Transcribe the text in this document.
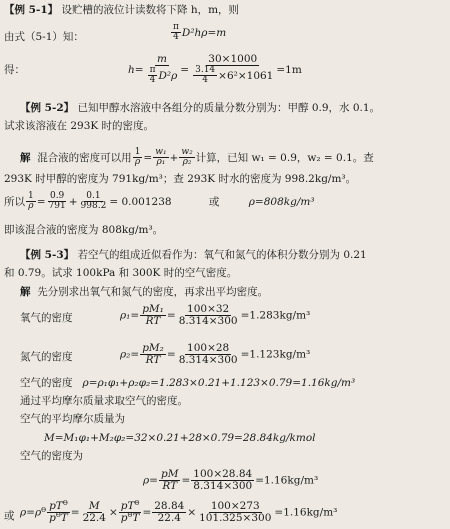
【例 5-1】 设贮槽的液位计读数将下降 h，m，则
由式（5-1）知：	$\frac{\pi}{4} D^2h\rho=m$
得：	$h= \frac{m}{\frac{\pi}{4} D^2\rho} = \frac{30\times 1000}{\frac{3.14}{4} \times 6^2\times 1061} =1m$
【例 5-2】 已知甲醇水溶液中各组分的质量分数分别为：甲醇 0.9，水 0.1。
试求该溶液在 293K 时的密度。
解 混合液的密度可以用 $\frac{1}{\rho} = \frac{\text{w₁}}{\text{ρ₁}} + \frac{\text{w₂}}{\text{ρ₂}}$ 计算，已知 w₁ = 0.9，w₂ = 0.1。查
293K 时甲醇的密度为 791kg/m³；查 293K 时水的密度为 998.2kg/m³。
所以 $\frac{1}{\rho} = \frac{0.9}{791} + \frac{0.1}{998.2} = 0.001238$	或	ρ=808kg/m³
即该混合液的密度为 808kg/m³。
【例 5-3】 若空气的组成近似看作为：氧气和氮气的体积分数分别为 0.21
和 0.79。试求 100kPa 和 300K 时的空气密度。
解 先分别求出氧气和氮气的密度，再求出平均密度。
氧气的密度	$\rho_1= \frac{\text{pM₁}}{RT} = \frac{100\times 32}{8.314\times 300} =1.283kg/m^3$
氮气的密度	$\rho_2= \frac{\text{pM₂}}{RT} = \frac{100\times 28}{8.314\times 300} =1.123kg/m^3$
空气的密度 ρ=ρ₁φ₁+ρ₂φ₂=1.283×0.21+1.123×0.79=1.16kg/m³
通过平均摩尔质量求取空气的密度。
空气的平均摩尔质量为
M=M₁φ₁+M₂φ₂=32×0.21+28×0.79=28.84kg/kmol
空气的密度为
$\rho= \frac{pM}{RT} = \frac{100\times 28.84}{8.314\times 300} =1.16kg/m^3$
或 $\rho=\rho^\Theta$ $pT^\Theta$
$p^\Theta T = \frac{M}{22.4}$ ×
$pT^\Theta$
$p^\Theta T = \frac{28.84}{22.4} \times \frac{100\times 273}{101.325\times 300} =1.16kg/m^3$
